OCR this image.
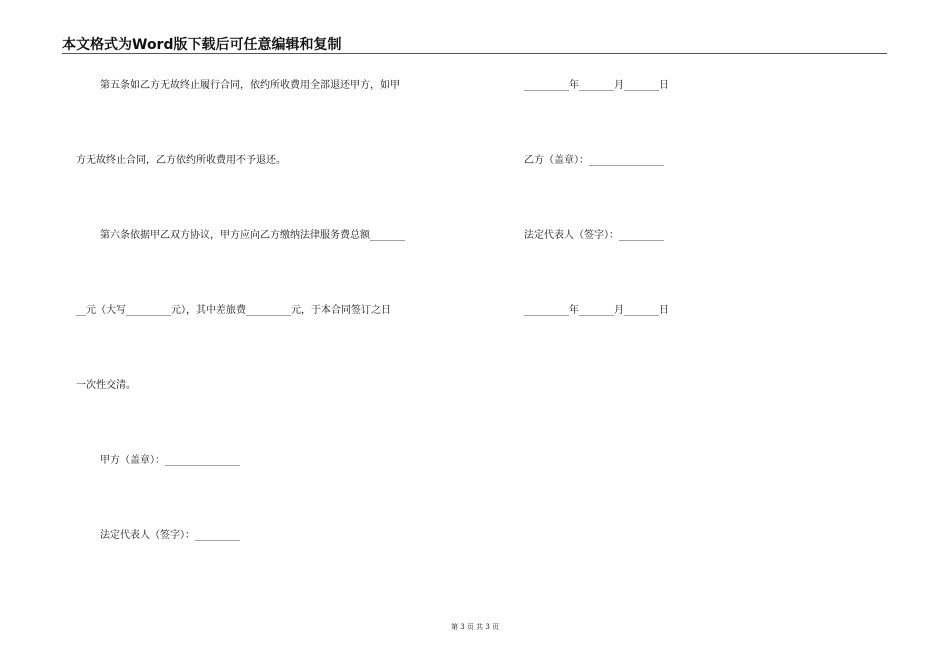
本文格式为Word版下载后可任意编辑和复制
第五条如乙方无故终止履行合同，依约所收费用全部退还甲方，如甲
方无故终止合同，乙方依约所收费用不予退还。
第六条依据甲乙双方协议，甲方应向乙方缴纳法律服务费总额_______
__元（大写_________元），其中差旅费_________元，于本合同签订之日
一次性交清。
甲方（盖章）：_______________
法定代表人（签字）：_________
_________年_______月_______日
乙方（盖章）：_______________
法定代表人（签字）：_________
_________年_______月_______日
第 3 页 共 3 页
